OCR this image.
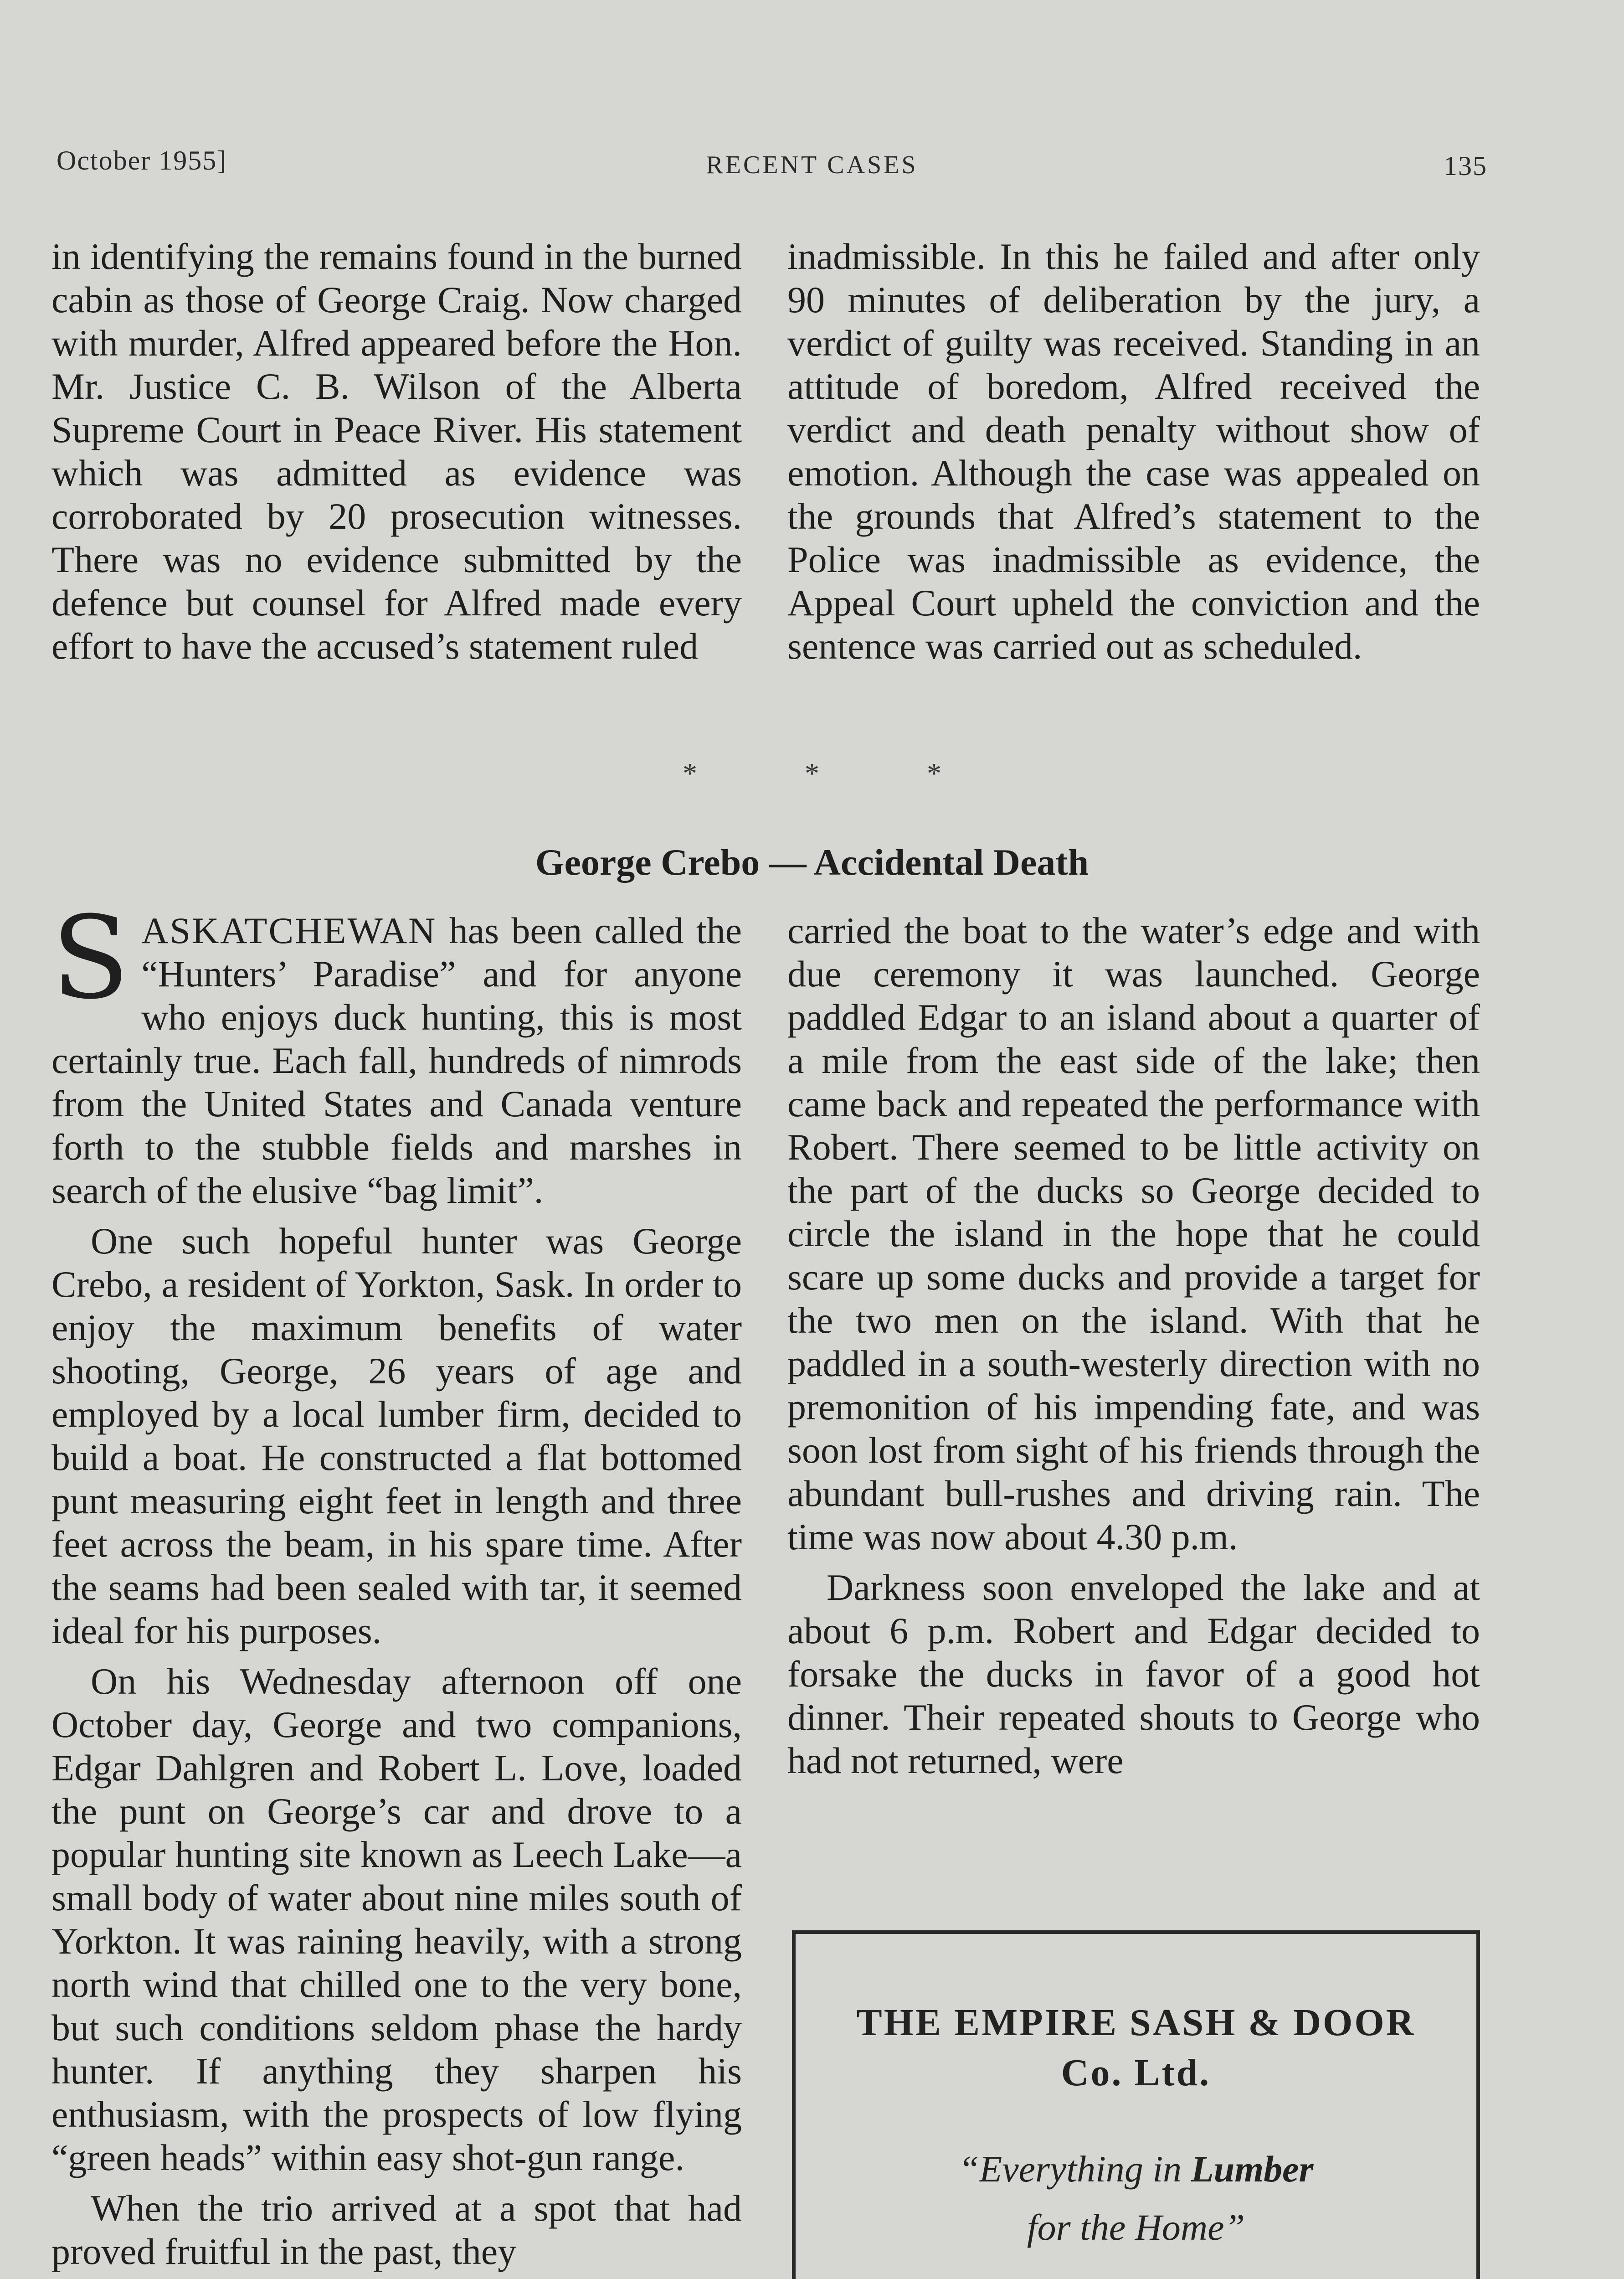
October 1955]	RECENT CASES	135

in identifying the remains found in the burned cabin as those of George Craig. Now charged with murder, Alfred appeared before the Hon. Mr. Justice C. B. Wilson of the Alberta Supreme Court in Peace River. His statement which was admitted as evidence was corroborated by 20 prosecution witnesses. There was no evidence submitted by the defence but counsel for Alfred made every effort to have the accused’s statement ruled

inadmissible. In this he failed and after only 90 minutes of deliberation by the jury, a verdict of guilty was received. Standing in an attitude of boredom, Alfred received the verdict and death penalty without show of emotion. Although the case was appealed on the grounds that Alfred’s statement to the Police was inadmissible as evidence, the Appeal Court upheld the conviction and the sentence was carried out as scheduled.

*	*	*
George Crebo — Accidental Death

SASKATCHEWAN has been called the “Hunters’ Paradise” and for anyone who enjoys duck hunting, this is most certainly true. Each fall, hundreds of nimrods from the United States and Canada venture forth to the stubble fields and marshes in search of the elusive “bag limit”.

One such hopeful hunter was George Crebo, a resident of Yorkton, Sask. In order to enjoy the maximum benefits of water shooting, George, 26 years of age and employed by a local lumber firm, decided to build a boat. He constructed a flat bottomed punt measuring eight feet in length and three feet across the beam, in his spare time. After the seams had been sealed with tar, it seemed ideal for his purposes.

On his Wednesday afternoon off one October day, George and two companions, Edgar Dahlgren and Robert L. Love, loaded the punt on George’s car and drove to a popular hunting site known as Leech Lake—a small body of water about nine miles south of Yorkton. It was raining heavily, with a strong north wind that chilled one to the very bone, but such conditions seldom phase the hardy hunter. If anything they sharpen his enthusiasm, with the prospects of low flying “green heads” within easy shot-gun range.

When the trio arrived at a spot that had proved fruitful in the past, they

carried the boat to the water’s edge and with due ceremony it was launched. George paddled Edgar to an island about a quarter of a mile from the east side of the lake; then came back and repeated the performance with Robert. There seemed to be little activity on the part of the ducks so George decided to circle the island in the hope that he could scare up some ducks and provide a target for the two men on the island. With that he paddled in a south-westerly direction with no premonition of his impending fate, and was soon lost from sight of his friends through the abundant bull-rushes and driving rain. The time was now about 4.30 p.m.

Darkness soon enveloped the lake and at about 6 p.m. Robert and Edgar decided to forsake the ducks in favor of a good hot dinner. Their repeated shouts to George who had not returned, were

THE EMPIRE SASH & DOOR
Co. Ltd.
“Everything in Lumber
for the Home”
